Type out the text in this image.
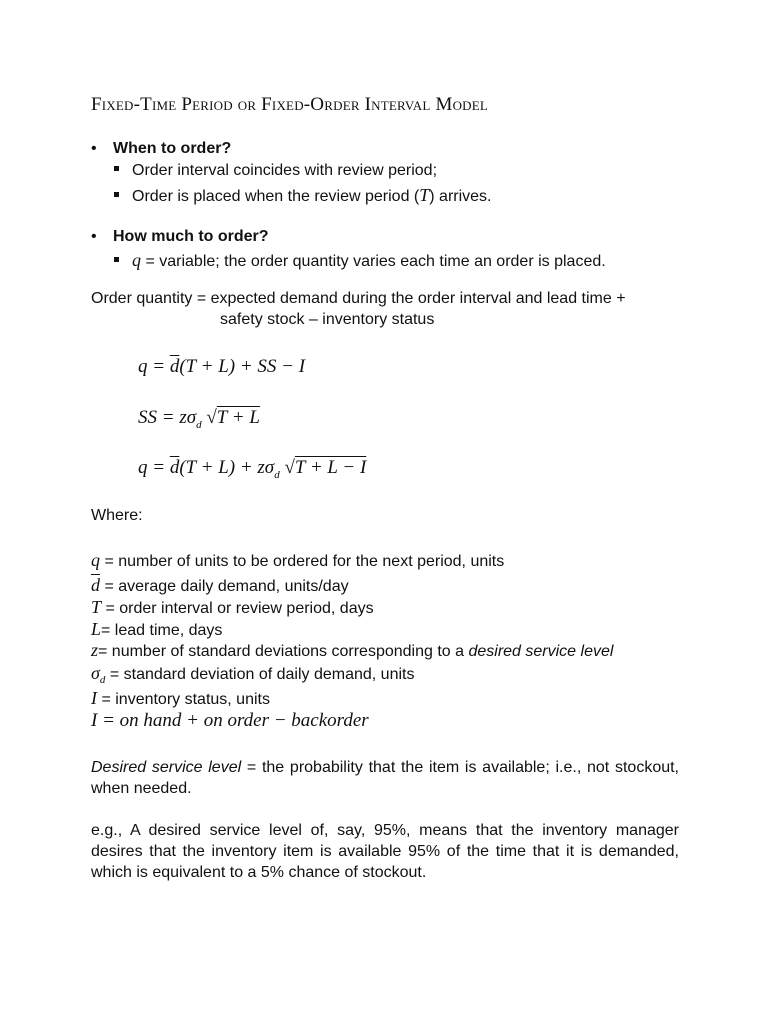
Fixed-Time Period or Fixed-Order Interval Model
• When to order?
Order interval coincides with review period;
Order is placed when the review period (T) arrives.
• How much to order?
q = variable; the order quantity varies each time an order is placed.
Order quantity = expected demand during the order interval and lead time +
safety stock – inventory status
$q = \overline{d}(T + L)$ + SS − I
SS = $z\sigma_d$ √T + L
$q = \overline{d}(T + L) + z\sigma_d$ √T + L − I
Where:
q = number of units to be ordered for the next period, units
$\overline{d}$ = average daily demand, units/day
T = order interval or review period, days
L= lead time, days
z= number of standard deviations corresponding to a desired service level
$\sigma_d$ = standard deviation of daily demand, units
I = inventory status, units
I = on hand + on order − backorder
Desired service level = the probability that the item is available; i.e., not stockout, when needed.
e.g., A desired service level of, say, 95%, means that the inventory manager desires that the inventory item is available 95% of the time that it is demanded, which is equivalent to a 5% chance of stockout.
